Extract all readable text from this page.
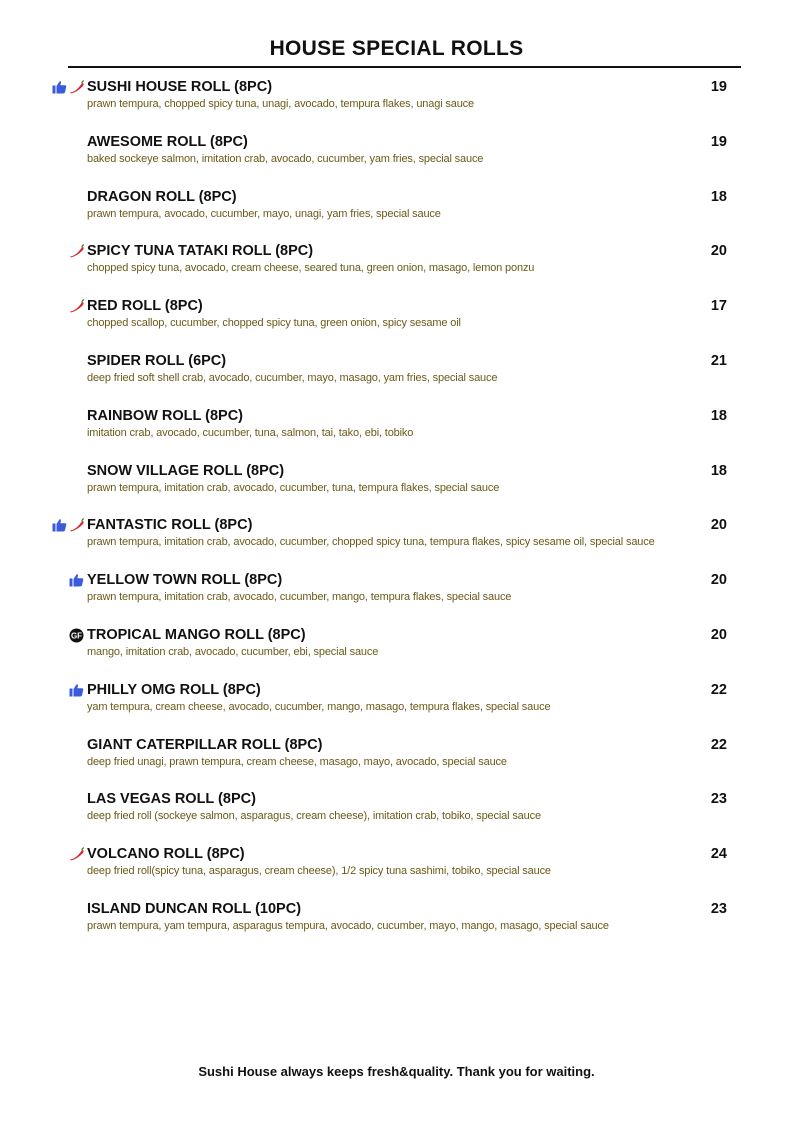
HOUSE SPECIAL ROLLS
SUSHI HOUSE ROLL (8PC)
prawn tempura, chopped spicy tuna, unagi, avocado, tempura flakes, unagi sauce
19
AWESOME ROLL (8PC)
baked sockeye salmon, imitation crab, avocado, cucumber, yam fries, special sauce
19
DRAGON ROLL (8PC)
prawn tempura, avocado, cucumber, mayo, unagi, yam fries, special sauce
18
SPICY TUNA TATAKI ROLL (8PC)
chopped spicy tuna, avocado, cream cheese, seared tuna, green onion, masago, lemon ponzu
20
RED ROLL (8PC)
chopped scallop, cucumber, chopped spicy tuna, green onion, spicy sesame oil
17
SPIDER ROLL (6PC)
deep fried soft shell crab, avocado, cucumber, mayo, masago, yam fries, special sauce
21
RAINBOW ROLL (8PC)
imitation crab, avocado, cucumber, tuna, salmon, tai, tako, ebi, tobiko
18
SNOW VILLAGE ROLL (8PC)
prawn tempura, imitation crab, avocado, cucumber, tuna, tempura flakes, special sauce
18
FANTASTIC ROLL (8PC)
prawn tempura, imitation crab, avocado, cucumber, chopped spicy tuna, tempura flakes, spicy sesame oil, special sauce
20
YELLOW TOWN ROLL (8PC)
prawn tempura, imitation crab, avocado, cucumber, mango, tempura flakes, special sauce
20
GF TROPICAL MANGO ROLL (8PC)
mango, imitation crab, avocado, cucumber, ebi, special sauce
20
PHILLY OMG ROLL (8PC)
yam tempura, cream cheese, avocado, cucumber, mango, masago, tempura flakes, special sauce
22
GIANT CATERPILLAR ROLL (8PC)
deep fried unagi, prawn tempura, cream cheese, masago, mayo, avocado, special sauce
22
LAS VEGAS ROLL (8PC)
deep fried roll (sockeye salmon, asparagus, cream cheese), imitation crab, tobiko, special sauce
23
VOLCANO ROLL (8PC)
deep fried roll(spicy tuna, asparagus, cream cheese), 1/2 spicy tuna sashimi, tobiko, special sauce
24
ISLAND DUNCAN ROLL (10PC)
prawn tempura, yam tempura, asparagus tempura, avocado, cucumber, mayo, mango, masago, special sauce
23
Sushi House always keeps fresh&quality. Thank you for waiting.
